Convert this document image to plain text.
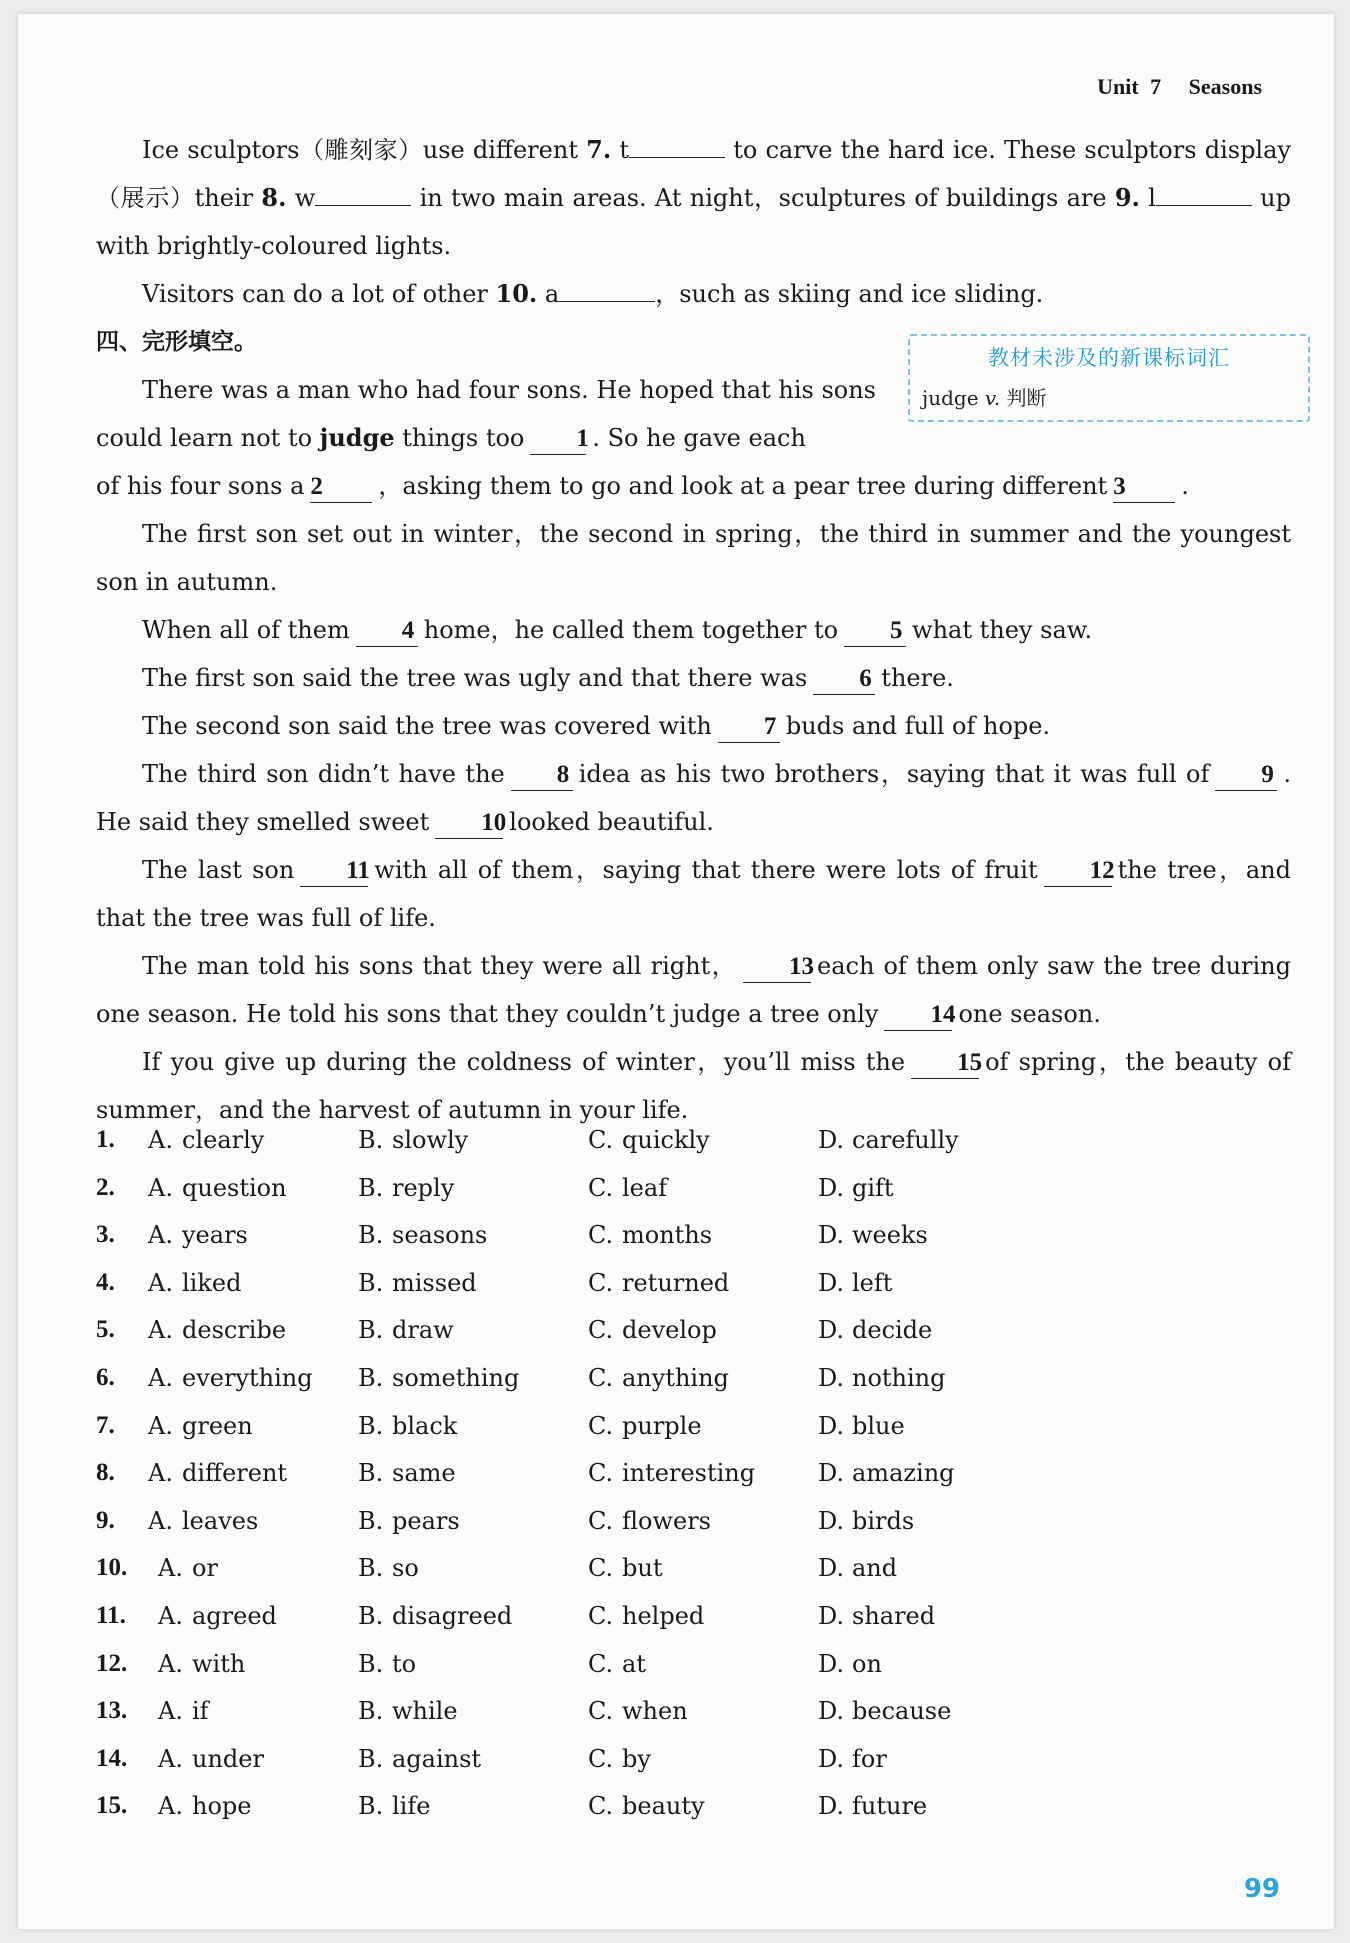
Unit 7 Seasons

Ice sculptors（雕刻家）use different 7. t	to carve the hard ice. These sculptors display（展示）their 8. w	in two main areas. At night，sculptures of buildings are 9. l	up with brightly-coloured lights.

Visitors can do a lot of other 10. a	，such as skiing and ice sliding.

四、完形填空。

There was a man who had four sons. He hoped that his sons could learn not to judge things too 1 . So he gave each

of his four sons a 2 ，asking them to go and look at a pear tree during different 3 .

The first son set out in winter，the second in spring，the third in summer and the youngest son in autumn.

When all of them 4 home，he called them together to 5 what they saw.

The first son said the tree was ugly and that there was 6 there.

The second son said the tree was covered with 7 buds and full of hope.

The third son didn’t have the 8 idea as his two brothers，saying that it was full of 9 . He said they smelled sweet 10 looked beautiful.

The last son 11 with all of them，saying that there were lots of fruit 12 the tree，and that the tree was full of life.

The man told his sons that they were all right， 13 each of them only saw the tree during one season. He told his sons that they couldn’t judge a tree only 14 one season.

If you give up during the coldness of winter，you’ll miss the 15 of spring，the beauty of summer，and the harvest of autumn in your life.

教材未涉及的新课标词汇
judge v. 判断
1. A. clearly	B. slowly	C. quickly	D. carefully
2. A. question	B. reply	C. leaf	D. gift
3. A. years	B. seasons	C. months	D. weeks
4. A. liked	B. missed	C. returned	D. left
5. A. describe	B. draw	C. develop	D. decide
6. A. everything B. something	C. anything	D. nothing
7. A. green	B. black	C. purple	D. blue
8. A. different	B. same	C. interesting	D. amazing
9. A. leaves	B. pears	C. flowers	D. birds
10. A. or	B. so	C. but	D. and
11. A. agreed	B. disagreed	C. helped	D. shared
12. A. with	B. to	C. at	D. on
13. A. if	B. while	C. when	D. because
14. A. under	B. against	C. by	D. for
15. A. hope	B. life	C. beauty	D. future
99
